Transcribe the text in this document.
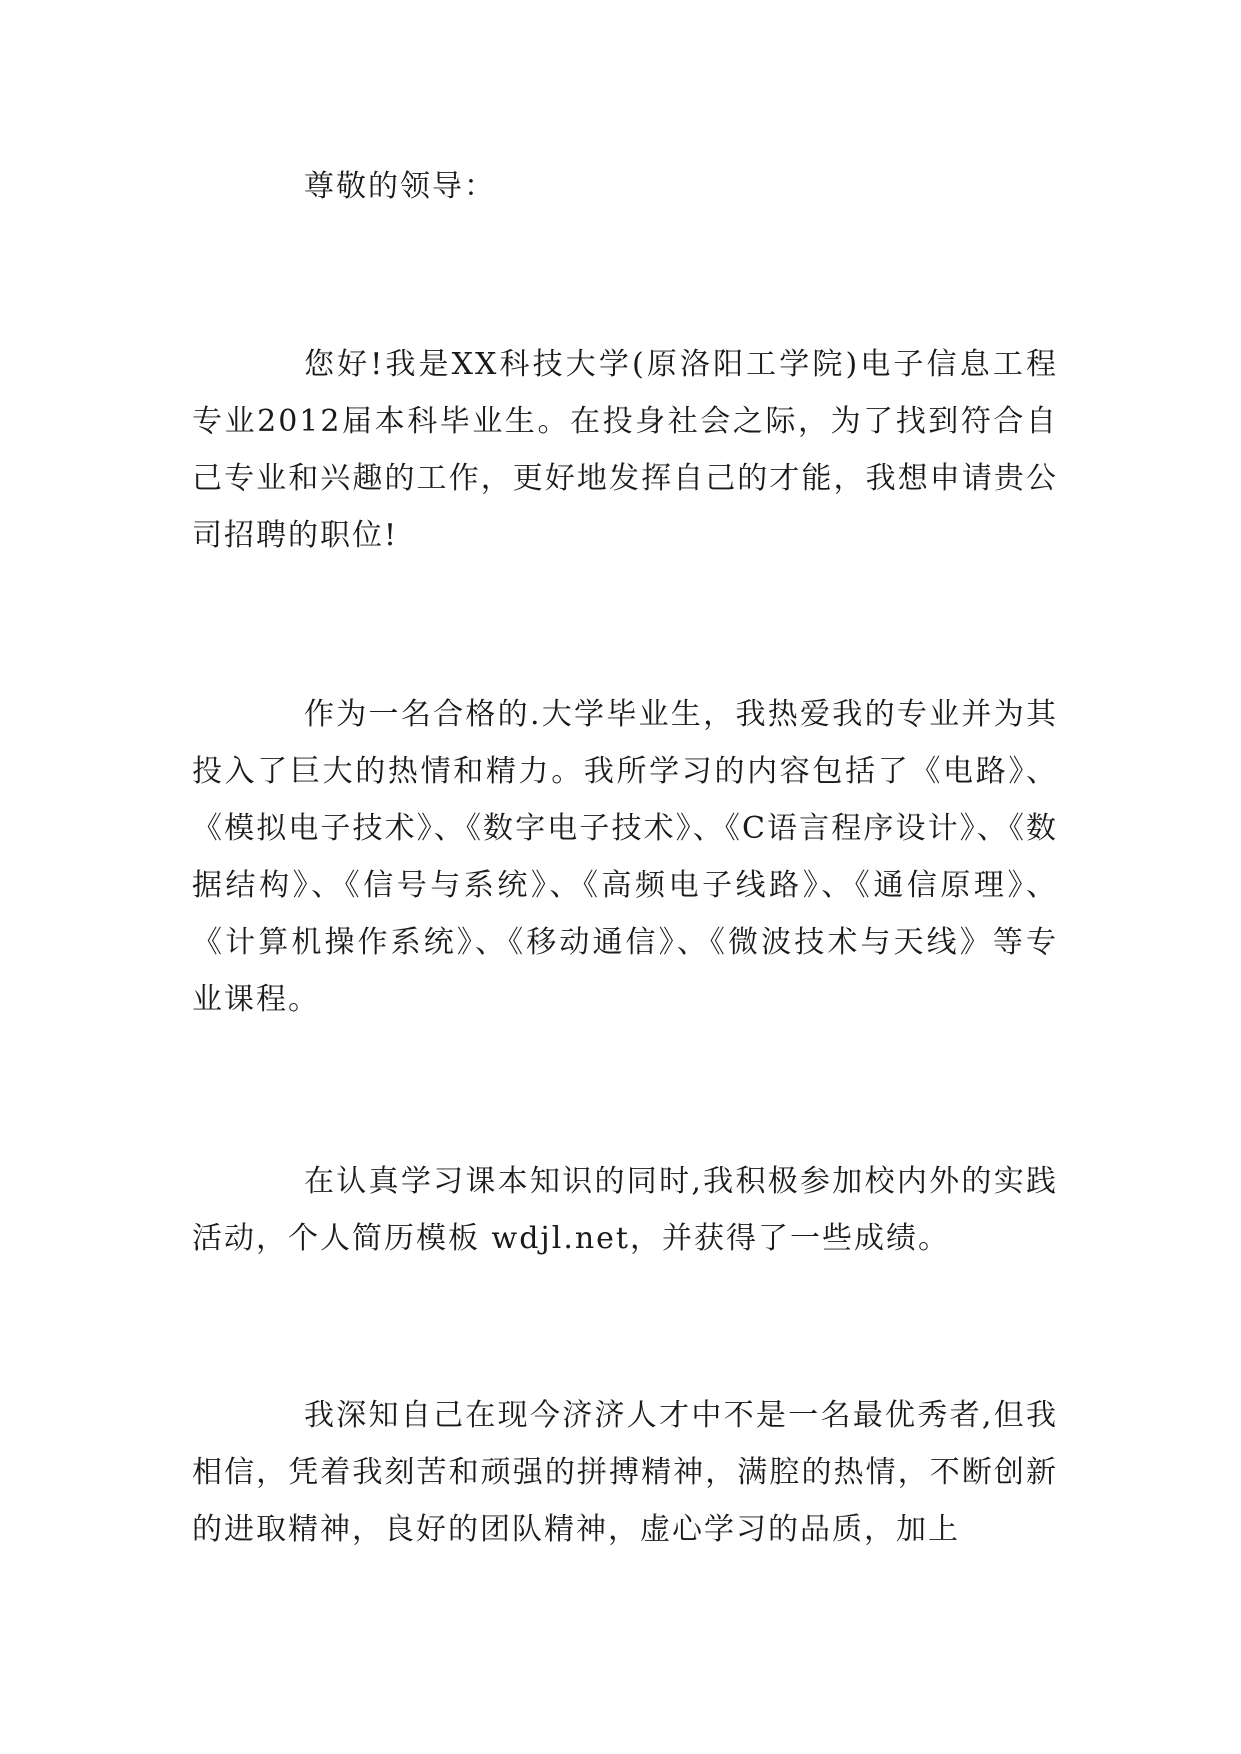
尊敬的领导：

您好!我是XX科技大学(原洛阳工学院)电子信息工程专业2012届本科毕业生。在投身社会之际，为了找到符合自己专业和兴趣的工作，更好地发挥自己的才能，我想申请贵公司招聘的职位!

作为一名合格的.大学毕业生，我热爱我的专业并为其投入了巨大的热情和精力。我所学习的内容包括了《电路》、《模拟电子技术》、《数字电子技术》、《C语言程序设计》、《数据结构》、《信号与系统》、《高频电子线路》、《通信原理》、《计算机操作系统》、《移动通信》、《微波技术与天线》等专业课程。

在认真学习课本知识的同时,我积极参加校内外的实践活动，个人简历模板 wdjl.net，并获得了一些成绩。

我深知自己在现今济济人才中不是一名最优秀者,但我相信，凭着我刻苦和顽强的拼搏精神，满腔的热情，不断创新的进取精神，良好的团队精神，虚心学习的品质，加上
